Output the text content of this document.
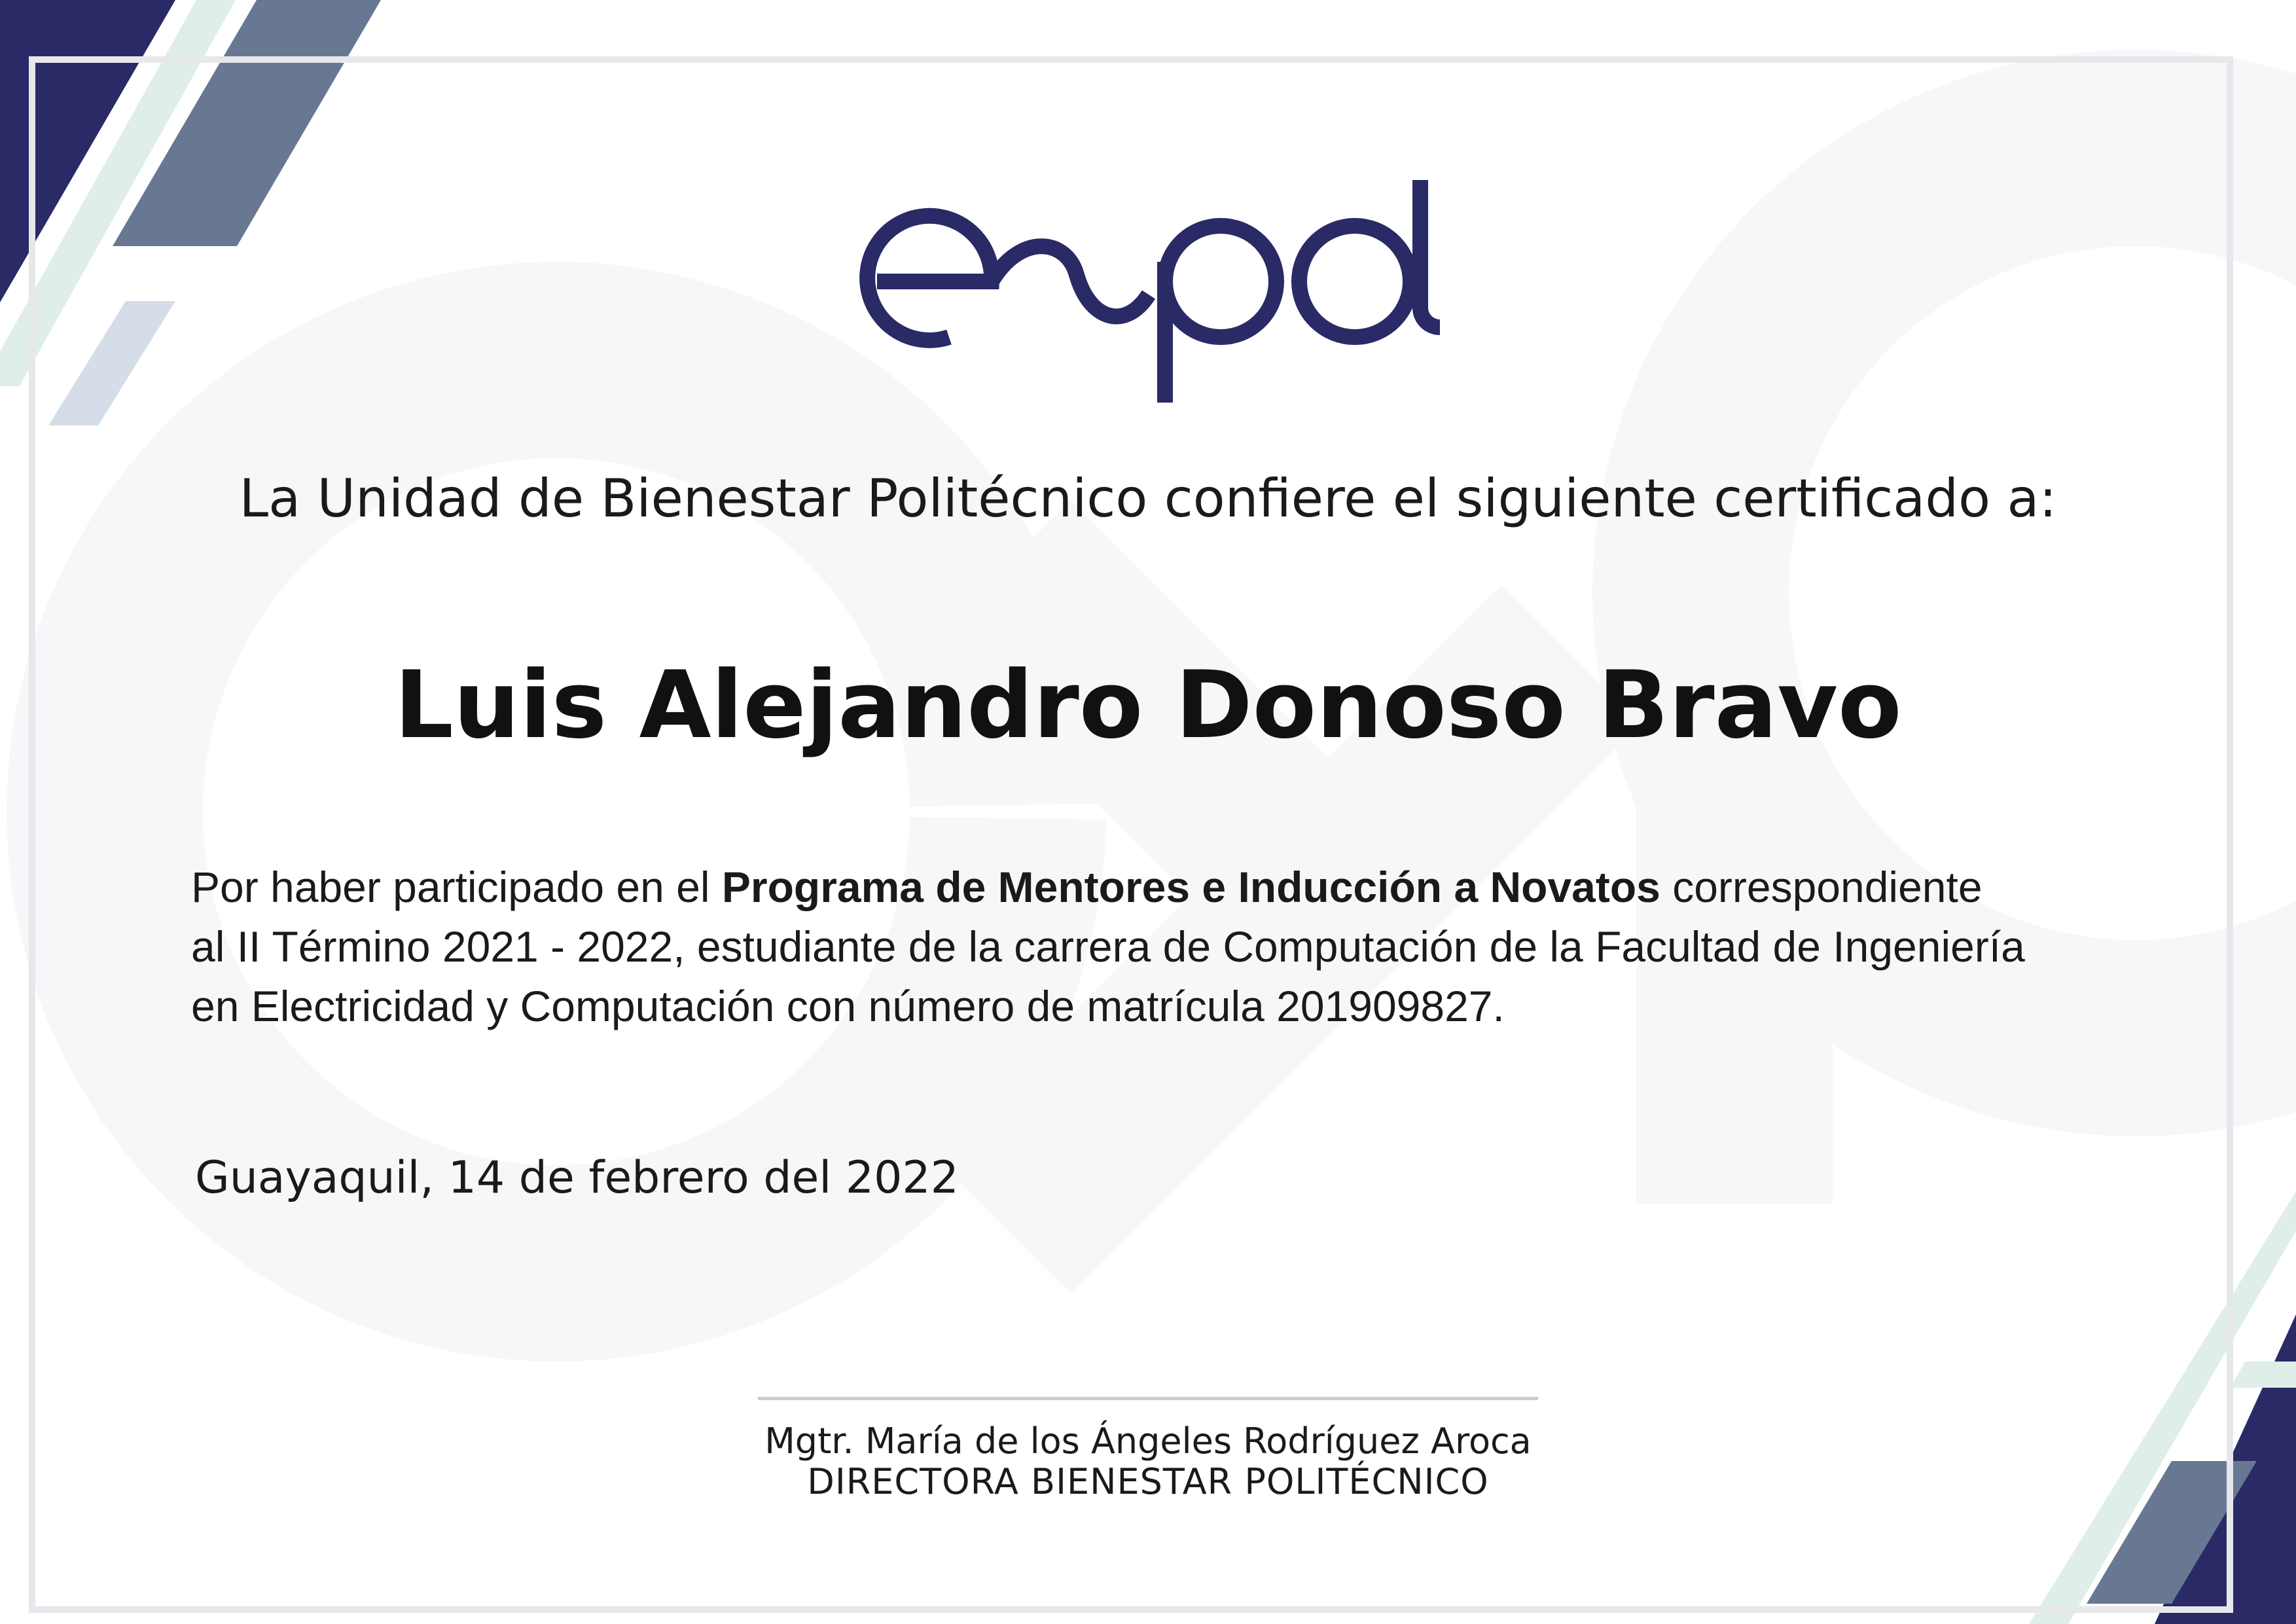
La Unidad de Bienestar Politécnico confiere el siguiente certificado a:
Luis Alejandro Donoso Bravo
Por haber participado en el Programa de Mentores e Inducción a Novatos correspondiente
al II Término 2021 - 2022, estudiante de la carrera de Computación de la Facultad de Ingeniería
en Electricidad y Computación con número de matrícula 201909827.
Guayaquil, 14 de febrero del 2022
Mgtr. María de los Ángeles Rodríguez Aroca
DIRECTORA BIENESTAR POLITÉCNICO
